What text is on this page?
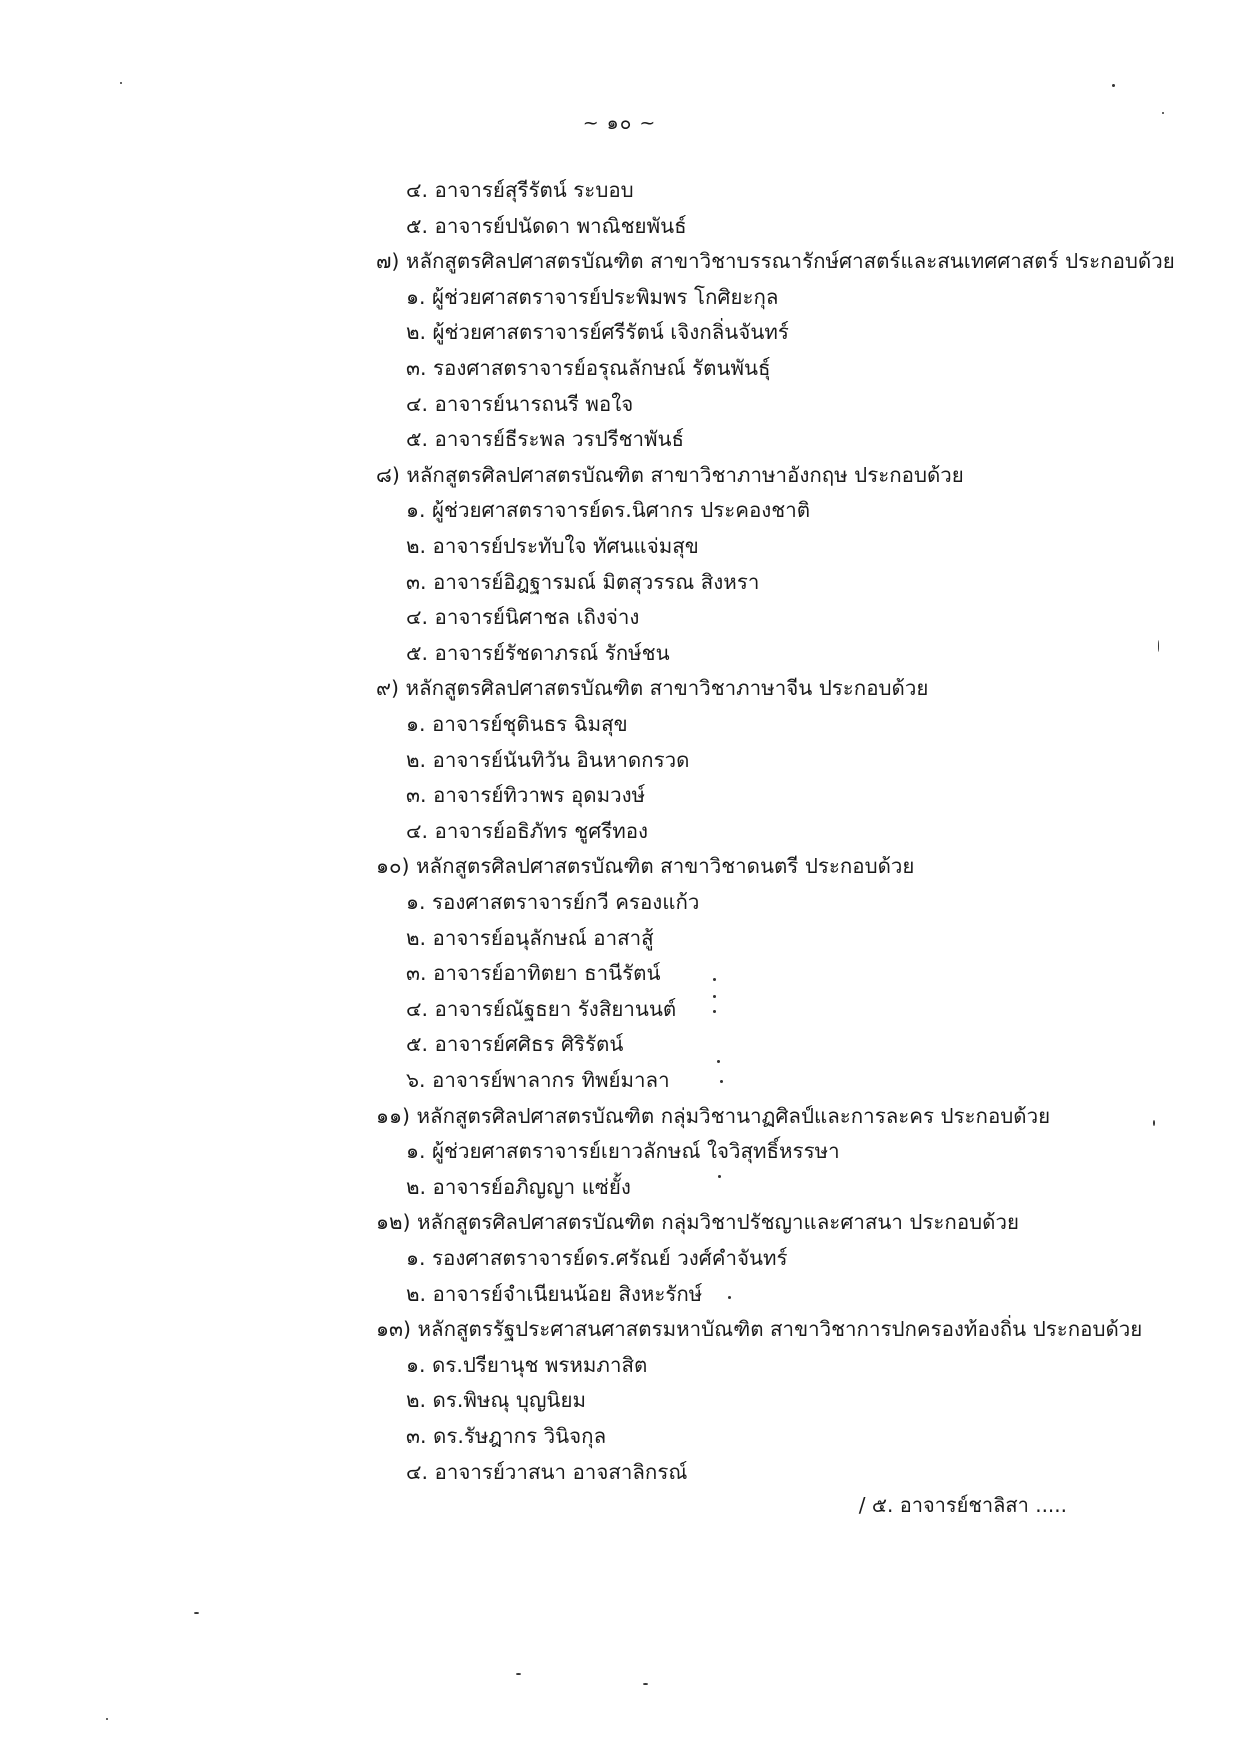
~ ๑๐ ~
๔. อาจารย์สุรีรัตน์ ระบอบ
๕. อาจารย์ปนัดดา พาณิชยพันธ์
๗) หลักสูตรศิลปศาสตรบัณฑิต สาขาวิชาบรรณารักษ์ศาสตร์และสนเทศศาสตร์ ประกอบด้วย
๑. ผู้ช่วยศาสตราจารย์ประพิมพร โกศิยะกุล
๒. ผู้ช่วยศาสตราจารย์ศรีรัตน์ เจิงกลิ่นจันทร์
๓. รองศาสตราจารย์อรุณลักษณ์ รัตนพันธุ์
๔. อาจารย์นารถนรี พอใจ
๕. อาจารย์ธีระพล วรปรีชาพันธ์
๘) หลักสูตรศิลปศาสตรบัณฑิต สาขาวิชาภาษาอังกฤษ ประกอบด้วย
๑. ผู้ช่วยศาสตราจารย์ดร.นิศากร ประคองชาติ
๒. อาจารย์ประทับใจ ทัศนแจ่มสุข
๓. อาจารย์อิฎฐารมณ์ มิตสุวรรณ สิงหรา
๔. อาจารย์นิศาชล เถิงจ่าง
๕. อาจารย์รัชดาภรณ์ รักษ์ชน
๙) หลักสูตรศิลปศาสตรบัณฑิต สาขาวิชาภาษาจีน ประกอบด้วย
๑. อาจารย์ชุตินธร ฉิมสุข
๒. อาจารย์นันทิวัน อินหาดกรวด
๓. อาจารย์ทิวาพร อุดมวงษ์
๔. อาจารย์อธิภัทร ชูศรีทอง
๑๐) หลักสูตรศิลปศาสตรบัณฑิต สาขาวิชาดนตรี ประกอบด้วย
๑. รองศาสตราจารย์กวี ครองแก้ว
๒. อาจารย์อนุลักษณ์ อาสาสู้
๓. อาจารย์อาทิตยา ธานีรัตน์
๔. อาจารย์ณัฐธยา รังสิยานนต์
๕. อาจารย์ศศิธร ศิริรัตน์
๖. อาจารย์พาลากร ทิพย์มาลา
๑๑) หลักสูตรศิลปศาสตรบัณฑิต กลุ่มวิชานาฏศิลป์และการละคร ประกอบด้วย
๑. ผู้ช่วยศาสตราจารย์เยาวลักษณ์ ใจวิสุทธิ์หรรษา
๒. อาจารย์อภิญญา แซ่ยั้ง
๑๒) หลักสูตรศิลปศาสตรบัณฑิต กลุ่มวิชาปรัชญาและศาสนา ประกอบด้วย
๑. รองศาสตราจารย์ดร.ศรัณย์ วงศ์คำจันทร์
๒. อาจารย์จำเนียนน้อย สิงหะรักษ์
๑๓) หลักสูตรรัฐประศาสนศาสตรมหาบัณฑิต สาขาวิชาการปกครองท้องถิ่น ประกอบด้วย
๑. ดร.ปรียานุช พรหมภาสิต
๒. ดร.พิษณุ บุญนิยม
๓. ดร.รัษฎากร วินิจกุล
๔. อาจารย์วาสนา อาจสาลิกรณ์
/ ๕. อาจารย์ชาลิสา .....
